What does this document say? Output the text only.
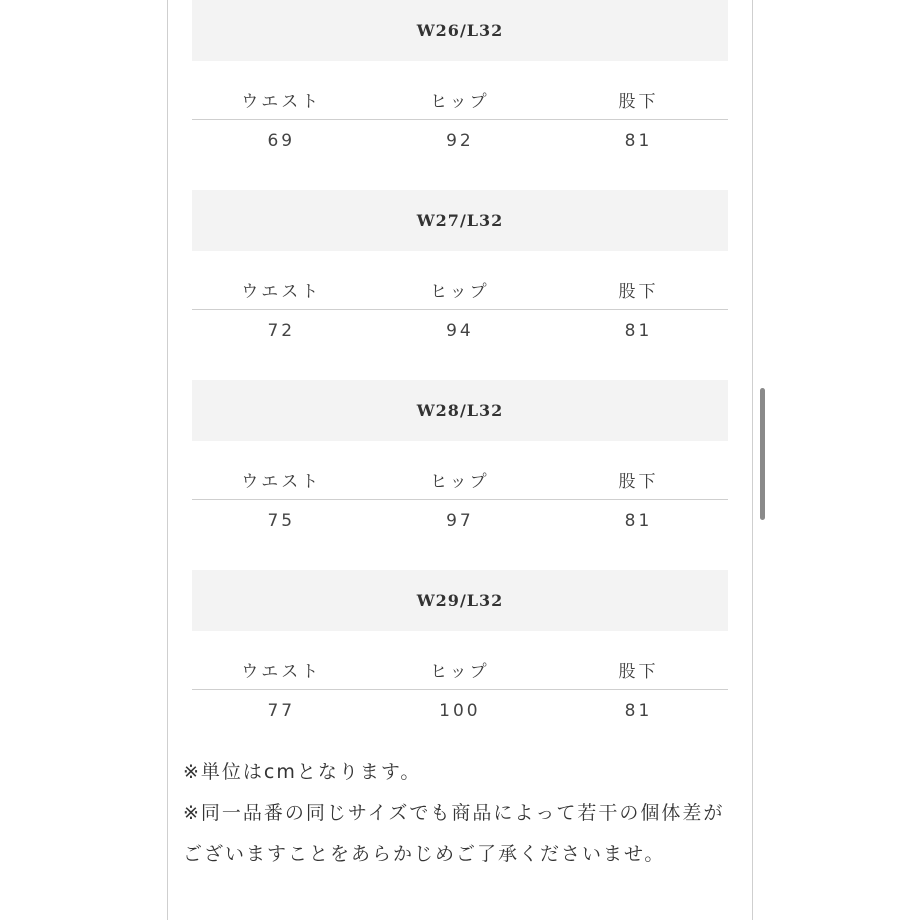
W26/L32
ウエスト	ヒップ	股下
69	92	81
W27/L32
ウエスト	ヒップ	股下
72	94	81
W28/L32
ウエスト	ヒップ	股下
75	97	81
W29/L32
ウエスト	ヒップ	股下
77	100	81

※単位はcmとなります。

※同一品番の同じサイズでも商品によって若干の個体差がございますことをあらかじめご了承くださいませ。
